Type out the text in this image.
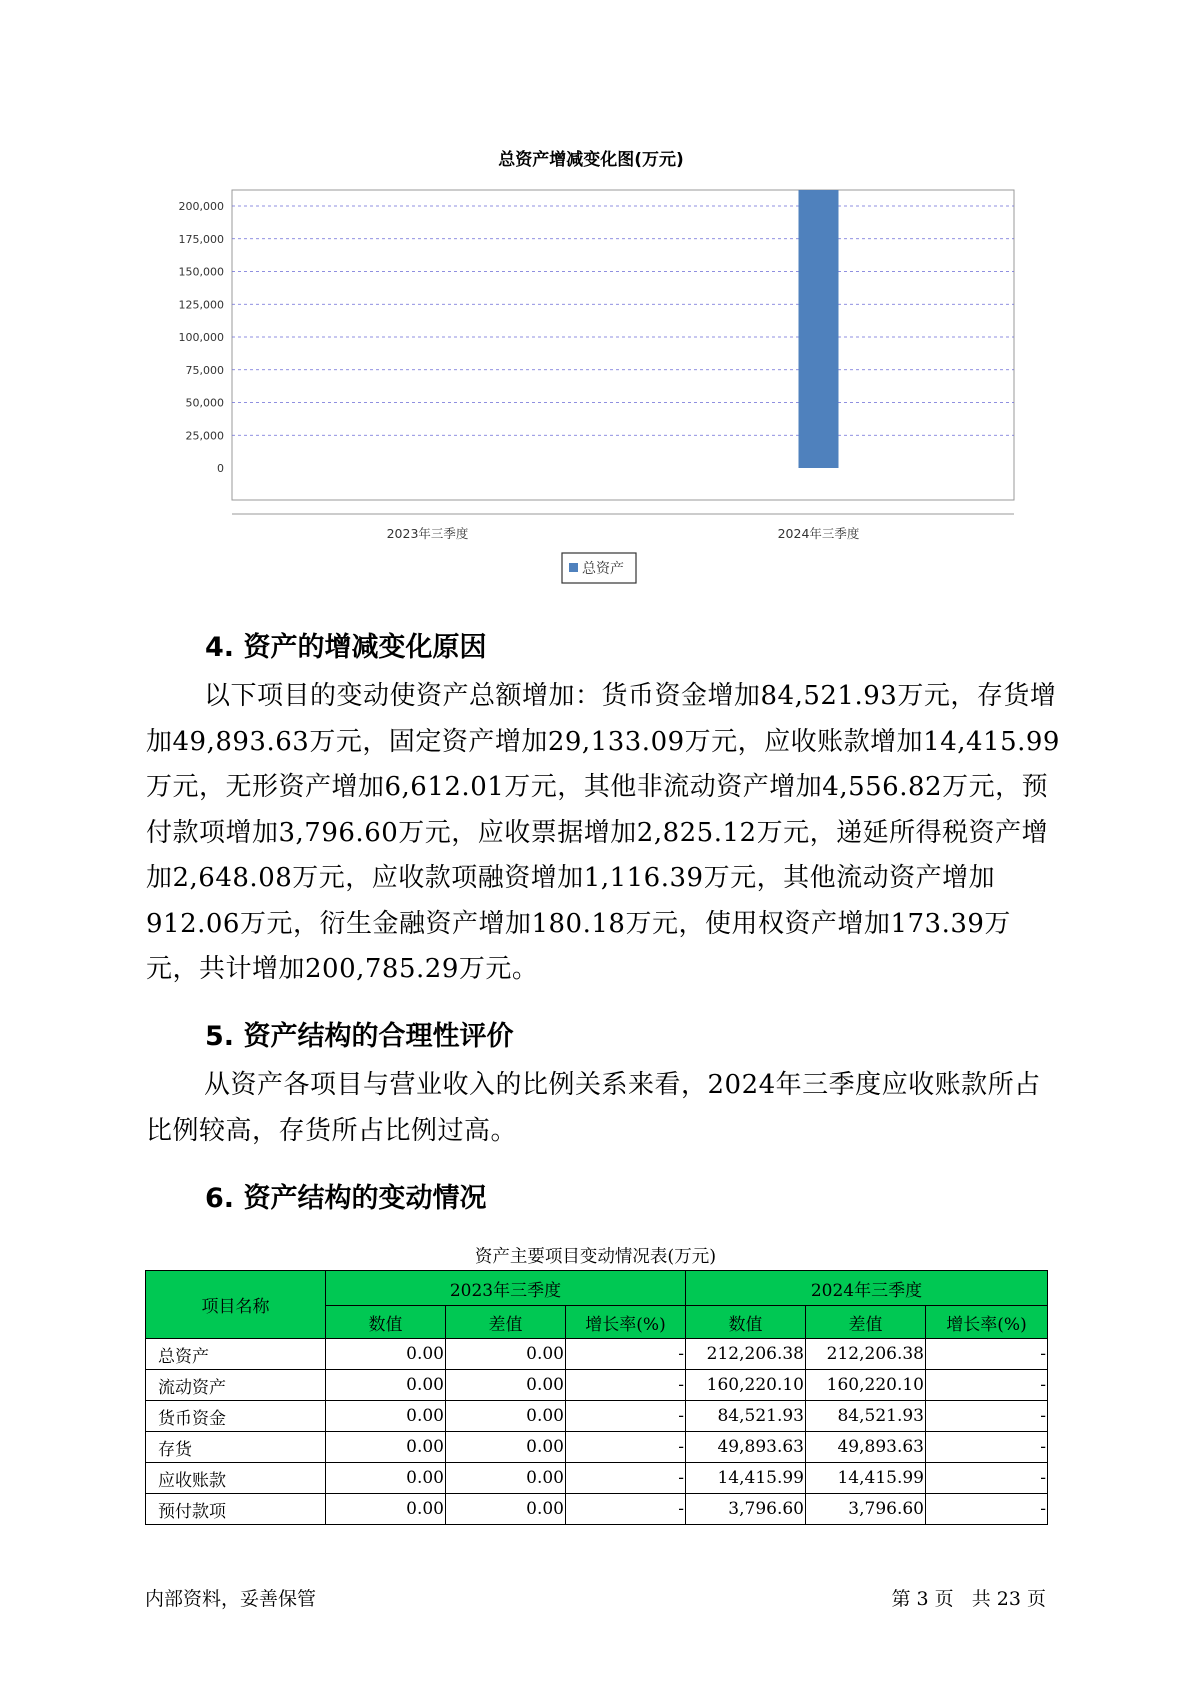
总资产增减变化图(万元)
0
25,000
50,000
75,000
100,000
125,000
150,000
175,000
200,000
2023年三季度	2024年三季度
总资产
4. 资产的增减变化原因

以下项目的变动使资产总额增加：货币资金增加84,521.93万元，存货增加49,893.63万元，固定资产增加29,133.09万元，应收账款增加14,415.99万元，无形资产增加6,612.01万元，其他非流动资产增加4,556.82万元，预付款项增加3,796.60万元，应收票据增加2,825.12万元，递延所得税资产增加2,648.08万元，应收款项融资增加1,116.39万元，其他流动资产增加912.06万元，衍生金融资产增加180.18万元，使用权资产增加173.39万元，共计增加200,785.29万元。

5. 资产结构的合理性评价

从资产各项目与营业收入的比例关系来看，2024年三季度应收账款所占比例较高，存货所占比例过高。

6. 资产结构的变动情况
资产主要项目变动情况表(万元)
项目名称	2023年三季度			2024年三季度		
	数值	差值	增长率(%)	数值	差值	增长率(%)
总资产	0.00	0.00	-	212,206.38	212,206.38	-
流动资产	0.00	0.00	-	160,220.10	160,220.10	-
货币资金	0.00	0.00	-	84,521.93	84,521.93	-
存货	0.00	0.00	-	49,893.63	49,893.63	-
应收账款	0.00	0.00	-	14,415.99	14,415.99	-
预付款项	0.00	0.00	-	3,796.60	3,796.60	-
内部资料，妥善保管	第 3 页   共 23 页
